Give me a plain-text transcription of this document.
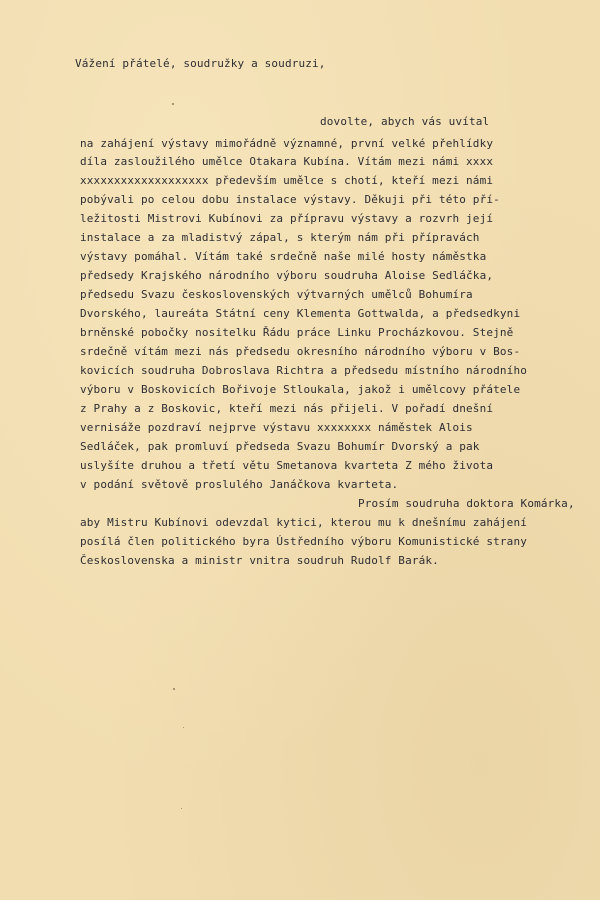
Vážení přátelé, soudružky a soudruzi,
dovolte, abych vás uvítal
na zahájení výstavy mimořádně významné, první velké přehlídky
díla zasloužilého umělce Otakara Kubína. Vítám mezi námi xxxx
xxxxxxxxxxxxxxxxxxx především umělce s chotí, kteří mezi námi
pobývali po celou dobu instalace výstavy. Děkuji při této pří-
ležitosti Mistrovi Kubínovi za přípravu výstavy a rozvrh její
instalace a za mladistvý zápal, s kterým nám při přípravách
výstavy pomáhal. Vítám také srdečně naše milé hosty náměstka
předsedy Krajského národního výboru soudruha Aloise Sedláčka,
předsedu Svazu československých výtvarných umělců Bohumíra
Dvorského, laureáta Státní ceny Klementa Gottwalda, a předsedkyni
brněnské pobočky nositelku Řádu práce Linku Procházkovou. Stejně
srdečně vítám mezi nás předsedu okresního národního výboru v Bos-
kovicích soudruha Dobroslava Richtra a předsedu místního národního
výboru v Boskovicích Bořivoje Stloukala, jakož i umělcovy přátele
z Prahy a z Boskovic, kteří mezi nás přijeli. V pořadí dnešní
vernisáže pozdraví nejprve výstavu xxxxxxxx náměstek Alois
Sedláček, pak promluví předseda Svazu Bohumír Dvorský a pak
uslyšíte druhou a třetí větu Smetanova kvarteta Z mého života
v podání světově proslulého Janáčkova kvarteta.
Prosím soudruha doktora Komárka,
aby Mistru Kubínovi odevzdal kytici, kterou mu k dnešnímu zahájení
posílá člen politického byra Ústředního výboru Komunistické strany
Československa a ministr vnitra soudruh Rudolf Barák.
